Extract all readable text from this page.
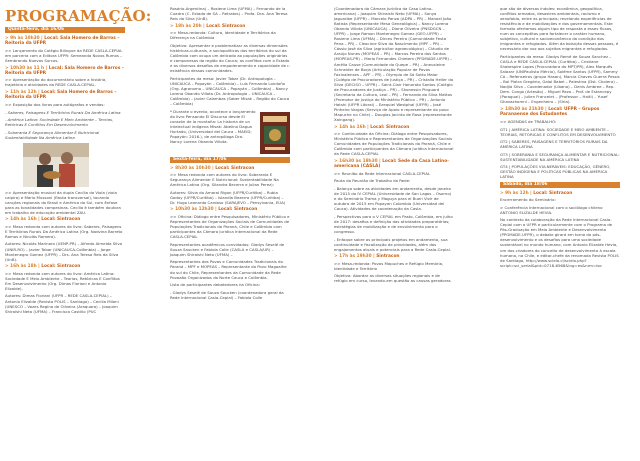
PROGRAMAÇÃO:
Quinta-feira, dia 16/06
> 9h às 10h30 | Local: Sala Homero de Barros – Reitoria da UFPR

>> Lançamento do Colégio Bilíngue da REDE CASLA-CEPIAL em parceria com a Editora UFPR: Semeando Novos Rumos – Sembrando Nuevos Surcos.

> 10h30 às 11 h | Local: Sala Homero de Barros – Reitoria da UFPR

>> Apresentação do documentário sobre a história, trajetória e atividades da REDE CASLA-CEPIAL.

> 11h às 12h | Local: Sala Homero de Barros – Reitoria da UFPR

>> Exposição dos livros para autógrafos e vendas:

- Saberes, Paisagens E Territórios Rurais Da América Latina

- América Latina: Sociedade E Meio Ambiente – Teorias, Retóricas E Conflitos Em Desenvolvimento

- Soberania E Segurança Alimentar E Nutricional Sustentabilidade Na América Latina

>> Apresentação musical da dupla Cecília da Viola (viola caipira) e Mario Mussoni (flauta transversal), tocando canções regionais do Brasil e América do Sul, com ênfase para as tonalidades campesinas. Cecília é também doutora em trabalho de educação ambiental ZAU.

> 14h às 16h | Local: Sintracon

>> Mesa redonda com autores do livro: Saberes, Paisagens E Territórios Rurais Da América Latina (Org. Nadvina Barreto Ramos e Nicolás Romero).

Autores: Nicolás Marinaro (UENP-PR) – Alfredo Almeida Silva (UNIR-RO) – Javier Tobar (UNICAUCA-Colômbia) – Jorge Montenegro Gomez (UFPR) – Drs. Ana Teresa Reis da Silva (UnB).

> 16h às 18h | Local: Sintracon

>> Mesa redonda com autores do livro: América Latina: Sociedade E Meio Ambiente – Teorias, Retóricas E Conflitos Em Desenvolvimento (Org. Dimas Floriani e Antonio Elizalde).

Autores: Dimas Floriani (UFPR – REDE CASLA-CEPIAL) – Antonio Elizalde (Revista POLIS – Santiago) – Cecilia Miloni (UNESCO – Vozes Regina de Oliveira (Araquara) – Joaquim Shiraishi Neto (UFMA) – Francisco Castillo (PUC

Rosário-Argentina) – Rosiene Lima (UFMA) – Fernando de la Cuadra (C. Estado de SA – Retratos) – Profa. Dra. Ana Teresa Reis da Silva (UnB).

> 18h às 20h | Local: Sintracon

>> Mesa-redonda: Cultura, Identidade e Territórios da Diferença na Colômbia

Objetivo: Apresentar e problematizar as diversas dimensões históricas-culturais, e sociopolíticas dos territórios do sul da Colômbia com ocupa um delicado ao populações originárias e camponesas da região do Cauca; os conflitos com o Estado e os diversos desafios de empoderamento e capacidade de r-existência dessas comunidades.

Participantes da mesa: Javier Tobar (Dr. Antropologia – UNICAUCA – Popayán – Colômbia) – Luis Fernando Londoño (Org. Agronomo – UNICAUCA – Popayán – Colômbia) – Nancy Lorena Obando Villota (Dr. Antropologia – UNICAUCA – Colômbia) – Javier Calambas (Saber Misak – Região do Cauca – Colômbia)

* Durante o evento, acontece o lançamento do livro Pensando El Discurso desde El corazón de la montaña: La historia de un intelectual indígena Misak: Abelino Dagua Hurtado, (Universidad del Cauca – MAEID; Popayán: 2016.), de antropóloga Dra. Nancy Lorena Obando Villota.

Sexta-feira, dia 17/06
> 8h30 às 10h30 | Local: Sintracon

>> Mesa redonda com autores do livro: Soberania E Segurança Alimentar E Nutricional: Sustentabilidade Na América Latina (Org. Silandra Becerra e Julian Perez):

Autores: Silvia do Amaral Rigon (UFPR/Curitiba) – Rubia Godoy (UFPR/Curitiba) – Islandia Bezerra (UFPR/Curitiba) – Dr. Hugo Leonardo Cardoso (SARAJEVO – Pensylvania, EUA)

> 10h30 às 12h30 | Local: Sintracon

>> Oficina: Diálogo entre Pesquisadores, Ministério Público e Representantes de Organizações Sociais de Comunidades de Populações Tradicionais do Paraná, Chile e Colômbia com participantes da Câmara Jurídica Internacional da Rede CASLA-CEPIAL

Representantes acadêmicos convidados: Gladys Seselé de Souza Saucken e Fabiola Colle (CASLA e CASLA/UR) – Joaquim Shiraishi Neto (UFMA) –

Representantes dos Povos e Comunidades Tradicionais do Paraná – MPF e MOPEAS – Representante da Povo Magoalhe do sul do Chile, Representantes da Comunidade da Rede Povoaão Organizados do Norte Cauca e Colômbia.

Lista de participantes debatedores na Oficina:

- Gladys Seselé de Souza Saucken (coordenadora geral da Rede Internacional Casla-Cepial) – Fabiola Colle

(Coordenadora da Câmara Jurídica da Casa Latino-americana) – Joaquim Shiraishi Neto (UFMA) – Sonya Jaguaribe (UFPR) – Marcelo Panza (ADPA – PR) – Manoel João Batista (Representante Mesa Genealógica) – Nancy Lorena Obando Villota (UNICAUCA) – Dione Oliveira (PNSDGCN – UFPR) – Jorge Ramon Montenegro Gomez (GEO-UFPR) – Rosiene Lima (UFMA) – Dirceu Pereira (Comunidade Festa Pena – PR) – Cleocirce Silva do Nascimento (MPF – PR) – Cássio José da Silva (agricultor agroecológico) – Cláudio de Araújo Nunes (MOPEAS – PR) – Marcos Pereira dos Santos (MOPEAS-PR) – Mario Fernandes Chietem (PFDMADE-UFPR) – Amélia Cause (Comunidade do Quepe – PR) – Aneusleine Schneider de Borja (Articulação Popular de Povos Faxinalenses – APF – PR) – Olympio de Sá Sotto Maior (Colégio de Procuradores de Justiça – PR) – Cristalia Heller da Silva (DECISO – UFPR) – Saint-Clair Honorato Santos (Colégio de Procuradores de Justiça – PR) – Shonessin Pinguard (Secretaria da Cultura, Leal – PR) – Fernando da Silva Mattos (Promotor de Justiça do Ministério Público – PR) – Antonio Hatshi (UFPR Litoral) – Ezequiel Westphal (UFPR) – José Pinheiro Vargas (Serviço de Apoio e representante do povo Mapuche no Chile) – Douglas Jacinto de Rosa (representante Xaingang).

> 14h às 16h | Local: Sintracon

>> Continuidade da Oficina: Diálogo entre Pesquisadores, Ministério Público e Representantes de Organizações Sociais Comunidades de Populações Tradicionais do Paraná, Chile e Colômbia com participantes da Câmara Jurídica Internacional da Rede CASLA-CEPIAL

> 16h30 às 18h30 | Local: Sede da Casa Latino-americana (CASLA)

>> Reunião da Rede Internacional CASLA-CEPIAL

Pauta da Reunião de Trabalho da Rede:

- Balanço sobre as atividades em andamento, desde janeiro de 2015 do IV CEPIAL (Universidade de San Lagos – Osorno) e do Seminário Trama y Maguya para el Buen Vivir de outubro de 2015 em Popayan Colombia (Universidad del Cauca). Atividades de coordenação da Casla.

- Perspectivas para o V CEPIAL em Pasto, Colômbia, em julho de 2017: desafios e definição das atividades preparatórias; estratégias de mobilização e de envolvimento para o congresso.

- Enfoque sobre os principais projetos em andamento, sua continuidade e fiscalização de prioridades, além dos engajamentos atuais e potenciais para a Rede Casla-Cepial.

> 17h às 19h30 | Sintracon

>> Mesa-redonda: Povos Mapuches e Refúgio Memória, Identidade e Território

Objetivo: Abordar as diversas situações regionais e de refúgio em curso, levando-em questão as causas geradoras

que são de diversas índoles: econômica, geopolítica, conflitos armados, desastres ambientais, racismo e xenofobia, entre as principais; revelando experiências de resistência e de mobilizações e dos governamentais. Este formato ofertamos algum tipo de resposta a esses fluxos, num os conceptitos para fortalecer o caráter humano, subjetivo, cultural e socioeconômico da condição dos imigrantes e refugiados. Além da bolsição dessas pessoas, é necessário dar voz aos sujeitos migrantes e refugiados.

Participantes da mesa: Gladys Remé de Souza Sanchez – CASLA e REDE CASLA-CEPIAL (Curitiba) – Cristiane Shakespire Lopes (Procuradora do MPT/PR), Alex Marquês Salazar (UNIPaulista Mércio), Soléme Santos (UFPR), Sammy Cá – Refenseiros (grupo Hasan), Marcia Chaves Guerra Pessis – Bal Piatra Gregório, Galal Babel – Palestina (Dst. Cholera) – Nadjla Silva – Coordenador (Líbano) – Denis Ambree – Rep. Dem. Congo (Artesão) – Miguel Rezo – Prof. de Estancepy (Paraguai) – Julien Francelet – (Professor – Haiti) – Yusef Ghavazhomni – Engenheiro – (Síria).

> 18h30 às 21h30 | Local: UFPR – Grupos Paranaense dos Estudantes

>> AGENDAS de TRABALHO:

GT1 | AMÉRICA LATINA: SOCIEDADE E MEIO AMBIENTE – TEORIAS, RETÓRICAS E CONFLITOS EM DESENVOLVIMENTO
GT2 | SABERES, PAISAGENS E TERRITÓRIOS RURAIS DA AMÉRICA LATINA
GT3 | SOBERANIA E SEGURANÇA ALIMENTAR E NUTRICIONAL: SUSTENTABILIDADE NA AMÉRICA LATINA
GT4 | POPULAÇÕES VULNERÁVEIS: EDUCAÇÃO, GÊNERO, GESTÃO INDÍGENA E POLÍTICAS PÚBLICAS NA AMÉRICA LATINA
Sábado, dia 18/06
> 9h às 12h | Local: Sintracon

Encerramento do Seminário:

> Conferência Internacional com o sociólogo chileno ANTONIO ELIZALDE HEVIA.

No contexto da colaboração da Rede Internacional Casla-Cepial com a UFPR e particularmente com o Programa de Pós-Graduação em Meio Ambiente e Desenvolvimento (PPGMADE-UFPR), o debate girará em torno do pós-desenvolvimento e os desafios para uma sociedade sustentável no mundo humano, com Antonio Elizalde Hevia, um dos criadores do conceito de desenvolvimento à escala humana, no Chile, e editor-chefe da renomada Revista POLIS de Santiago, http://www.scielo.cl/scielo.php?script=sci_serial&pid=0718-6568&lng=es&nrm=iso
